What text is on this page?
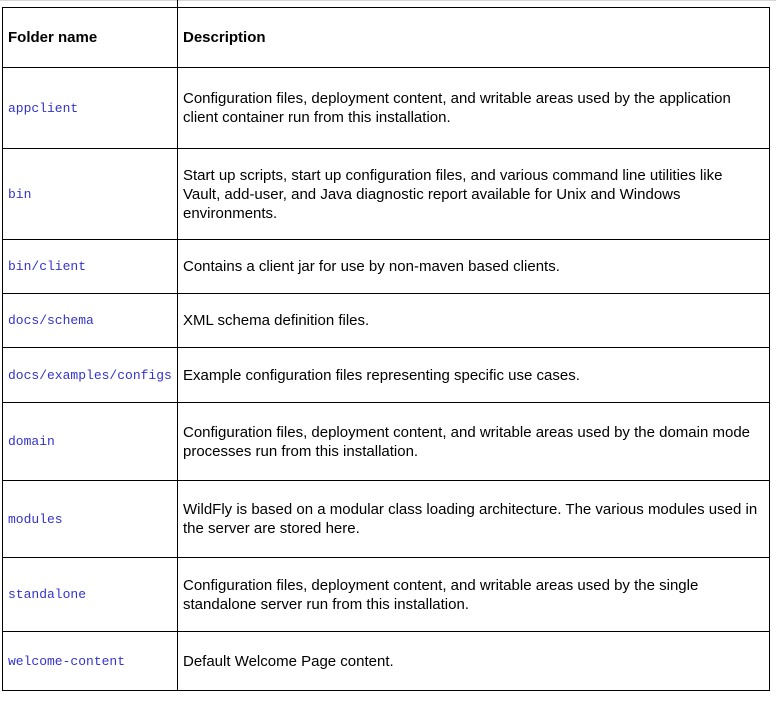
Folder name	Description
appclient	Configuration files, deployment content, and writable areas used by the application client container run from this installation.
bin	Start up scripts, start up configuration files, and various command line utilities like Vault, add-user, and Java diagnostic report available for Unix and Windows environments.
bin/client	Contains a client jar for use by non-maven based clients.
docs/schema	XML schema definition files.
docs/examples/configs	Example configuration files representing specific use cases.
domain	Configuration files, deployment content, and writable areas used by the domain mode processes run from this installation.
modules	WildFly is based on a modular class loading architecture. The various modules used in the server are stored here.
standalone	Configuration files, deployment content, and writable areas used by the single standalone server run from this installation.
welcome-content	Default Welcome Page content.
